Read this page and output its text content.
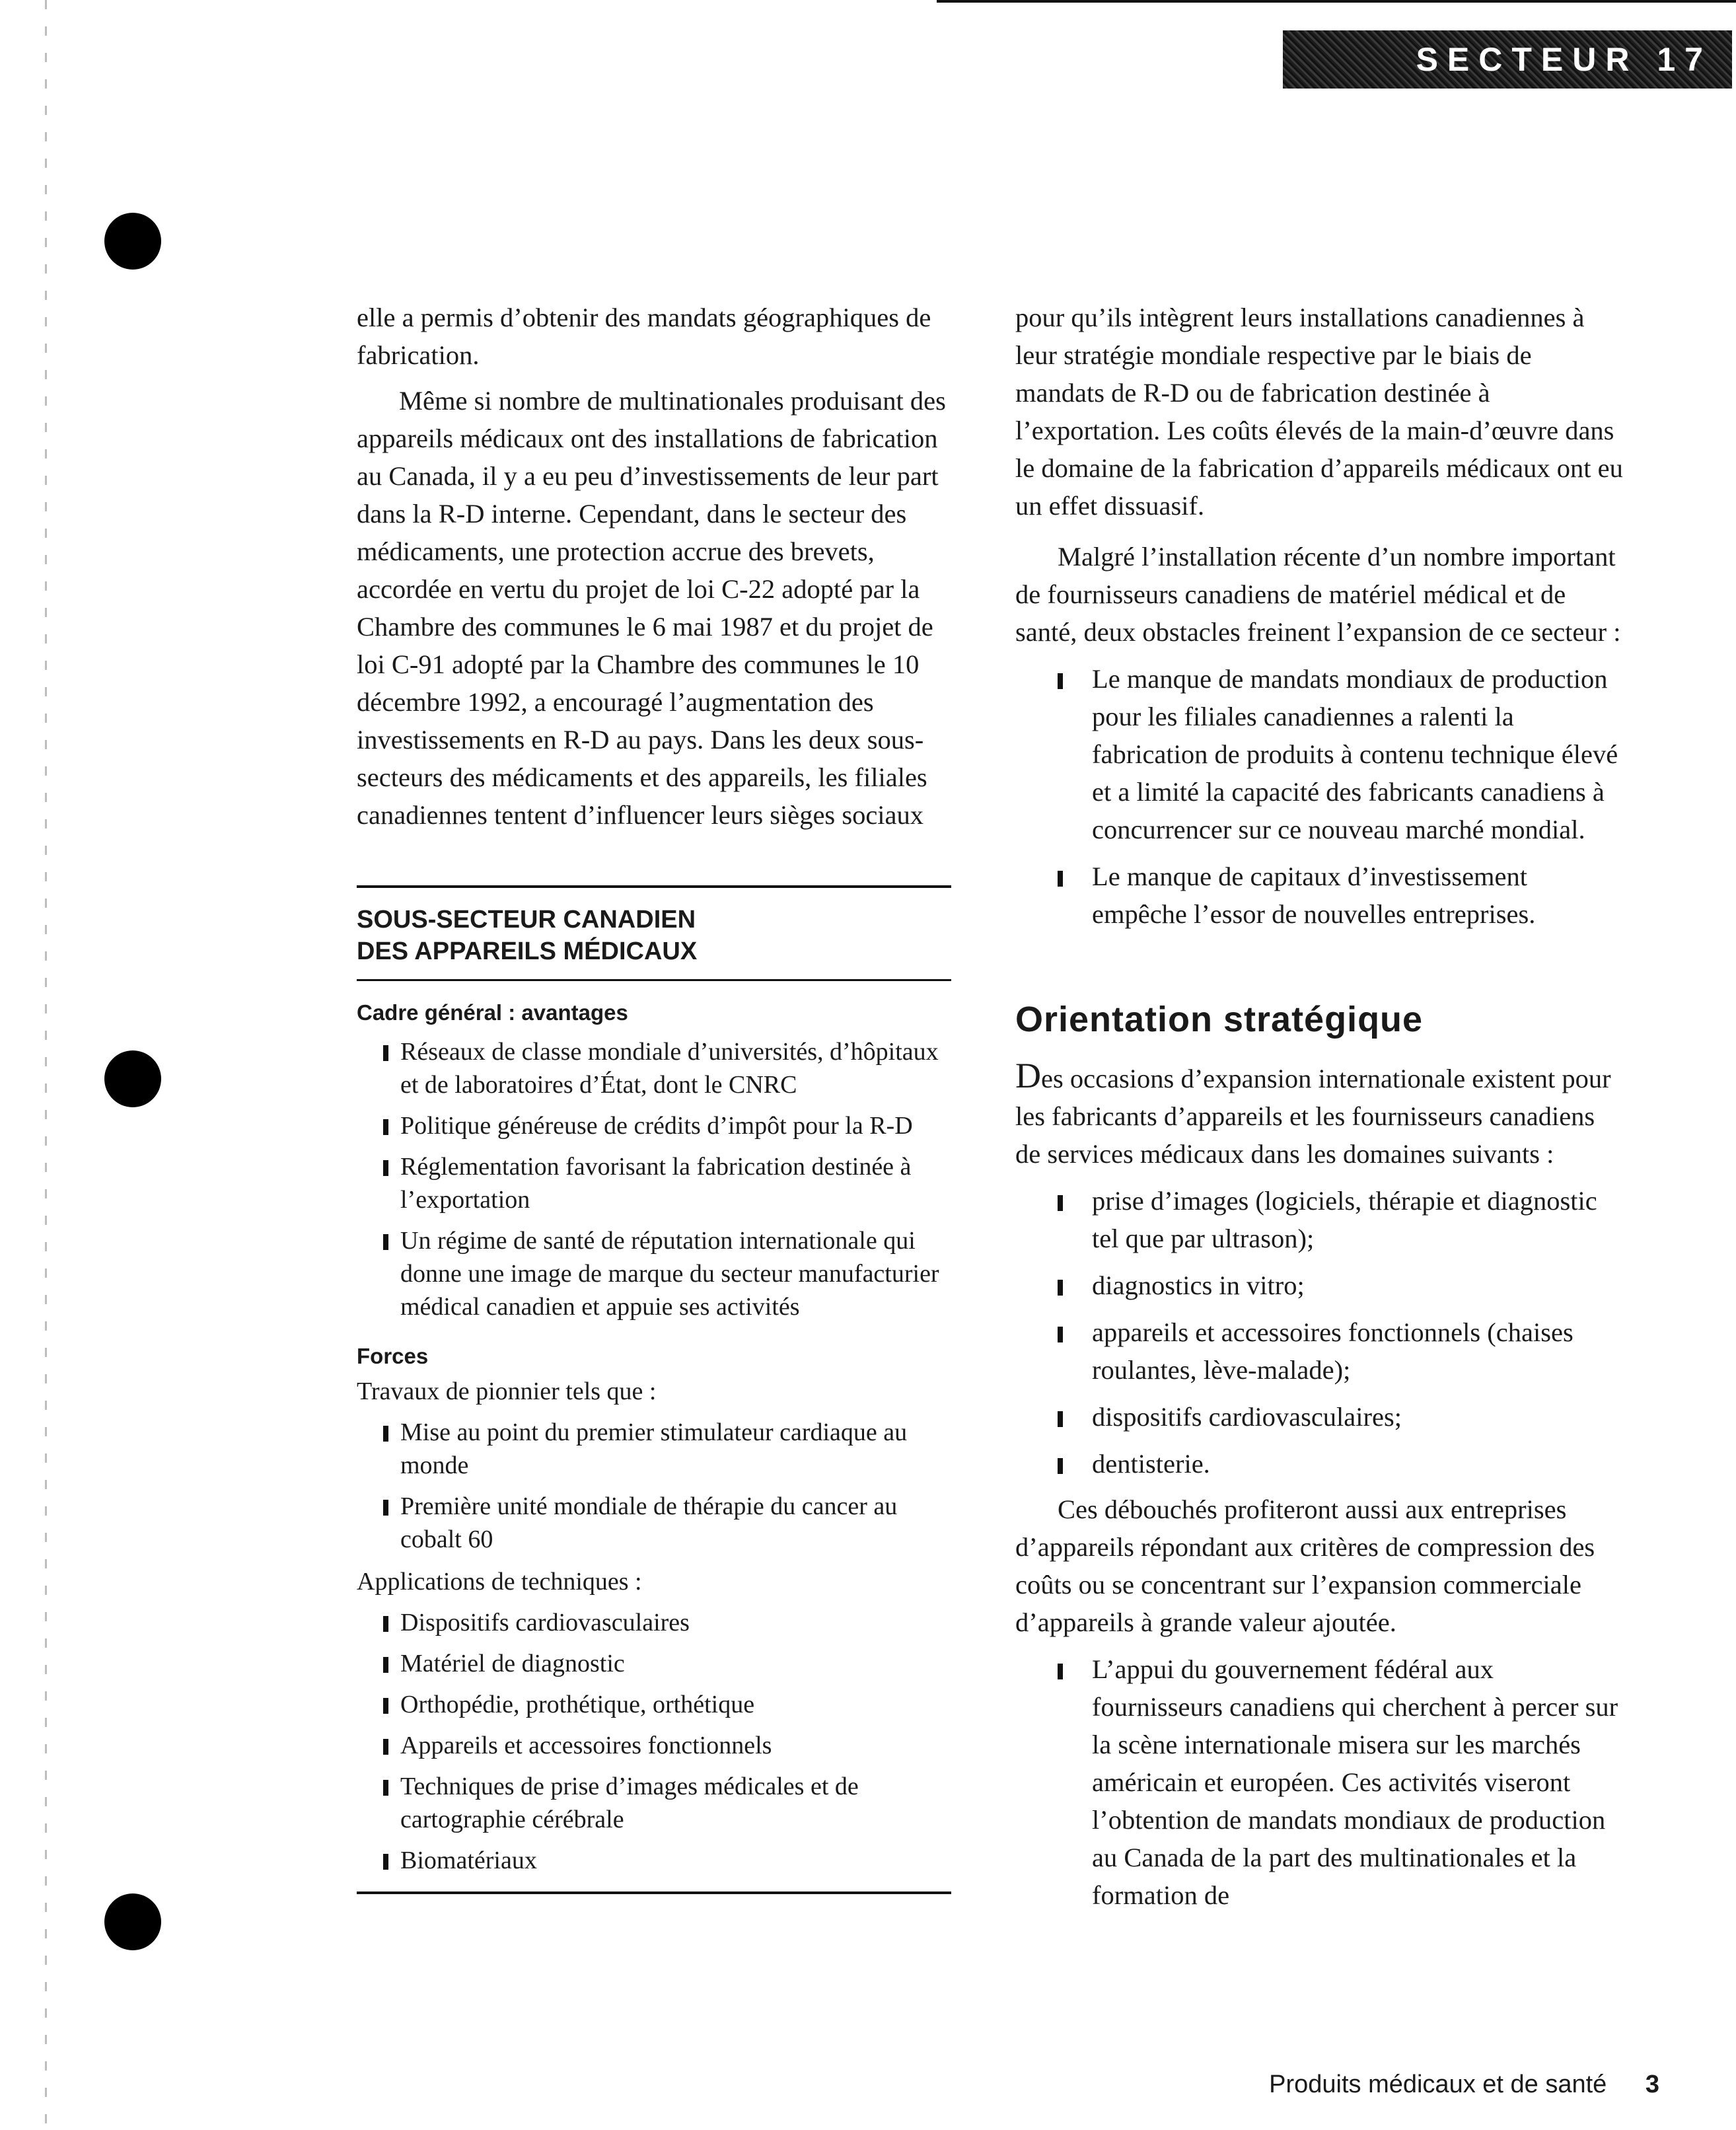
SECTEUR 17

elle a permis d’obtenir des mandats géographiques de fabrication.

Même si nombre de multinationales produisant des appareils médicaux ont des installations de fabrication au Canada, il y a eu peu d’investissements de leur part dans la R-D interne. Cependant, dans le secteur des médicaments, une protection accrue des brevets, accordée en vertu du projet de loi C-22 adopté par la Chambre des communes le 6 mai 1987 et du projet de loi C-91 adopté par la Chambre des communes le 10 décembre 1992, a encouragé l’augmentation des investissements en R-D au pays. Dans les deux sous-secteurs des médicaments et des appareils, les filiales canadiennes tentent d’influencer leurs sièges sociaux

SOUS-SECTEUR CANADIEN
DES APPAREILS MÉDICAUX
Cadre général : avantages
Réseaux de classe mondiale d’universités, d’hôpitaux et de laboratoires d’État, dont le CNRC
Politique généreuse de crédits d’impôt pour la R-D
Réglementation favorisant la fabrication destinée à l’exportation
Un régime de santé de réputation internationale qui donne une image de marque du secteur manufacturier médical canadien et appuie ses activités
Forces

Travaux de pionnier tels que :

Mise au point du premier stimulateur cardiaque au monde
Première unité mondiale de thérapie du cancer au cobalt 60

Applications de techniques :

Dispositifs cardiovasculaires
Matériel de diagnostic
Orthopédie, prothétique, orthétique
Appareils et accessoires fonctionnels
Techniques de prise d’images médicales et de cartographie cérébrale
Biomatériaux

pour qu’ils intègrent leurs installations canadiennes à leur stratégie mondiale respective par le biais de mandats de R-D ou de fabrication destinée à l’exportation. Les coûts élevés de la main-d’œuvre dans le domaine de la fabrication d’appareils médicaux ont eu un effet dissuasif.

Malgré l’installation récente d’un nombre important de fournisseurs canadiens de matériel médical et de santé, deux obstacles freinent l’expansion de ce secteur :

Le manque de mandats mondiaux de production pour les filiales canadiennes a ralenti la fabrication de produits à contenu technique élevé et a limité la capacité des fabricants canadiens à concurrencer sur ce nouveau marché mondial.
Le manque de capitaux d’investissement empêche l’essor de nouvelles entreprises.
Orientation stratégique

Des occasions d’expansion internationale existent pour les fabricants d’appareils et les fournisseurs canadiens de services médicaux dans les domaines suivants :

prise d’images (logiciels, thérapie et diagnostic tel que par ultrason);
diagnostics in vitro;
appareils et accessoires fonctionnels (chaises roulantes, lève-malade);
dispositifs cardiovasculaires;
dentisterie.

Ces débouchés profiteront aussi aux entreprises d’appareils répondant aux critères de compression des coûts ou se concentrant sur l’expansion commerciale d’appareils à grande valeur ajoutée.

L’appui du gouvernement fédéral aux fournisseurs canadiens qui cherchent à percer sur la scène internationale misera sur les marchés américain et européen. Ces activités viseront l’obtention de mandats mondiaux de production au Canada de la part des multinationales et la formation de
Produits médicaux et de santé 3
